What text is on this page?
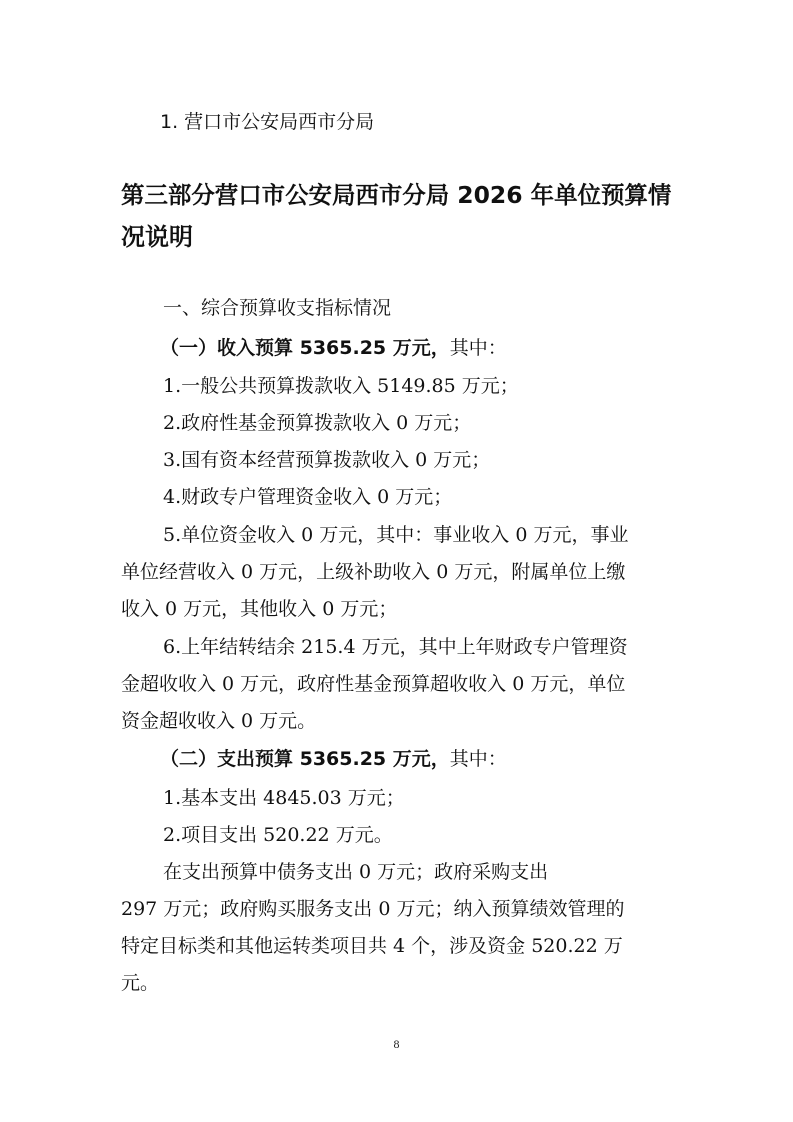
1. 营口市公安局西市分局
第三部分营口市公安局西市分局 2026 年单位预算情
况说明
一、综合预算收支指标情况
（一）收入预算 5365.25 万元，其中：
1.一般公共预算拨款收入 5149.85 万元；
2.政府性基金预算拨款收入 0 万元；
3.国有资本经营预算拨款收入 0 万元；
4.财政专户管理资金收入 0 万元；
5.单位资金收入 0 万元，其中：事业收入 0 万元，事业
单位经营收入 0 万元，上级补助收入 0 万元，附属单位上缴
收入 0 万元，其他收入 0 万元；
6.上年结转结余 215.4 万元，其中上年财政专户管理资
金超收收入 0 万元，政府性基金预算超收收入 0 万元，单位
资金超收收入 0 万元。
（二）支出预算 5365.25 万元，其中：
1.基本支出 4845.03 万元；
2.项目支出 520.22 万元。
在支出预算中债务支出 0 万元；政府采购支出
297 万元；政府购买服务支出 0 万元；纳入预算绩效管理的
特定目标类和其他运转类项目共 4 个，涉及资金 520.22 万
元。
8
